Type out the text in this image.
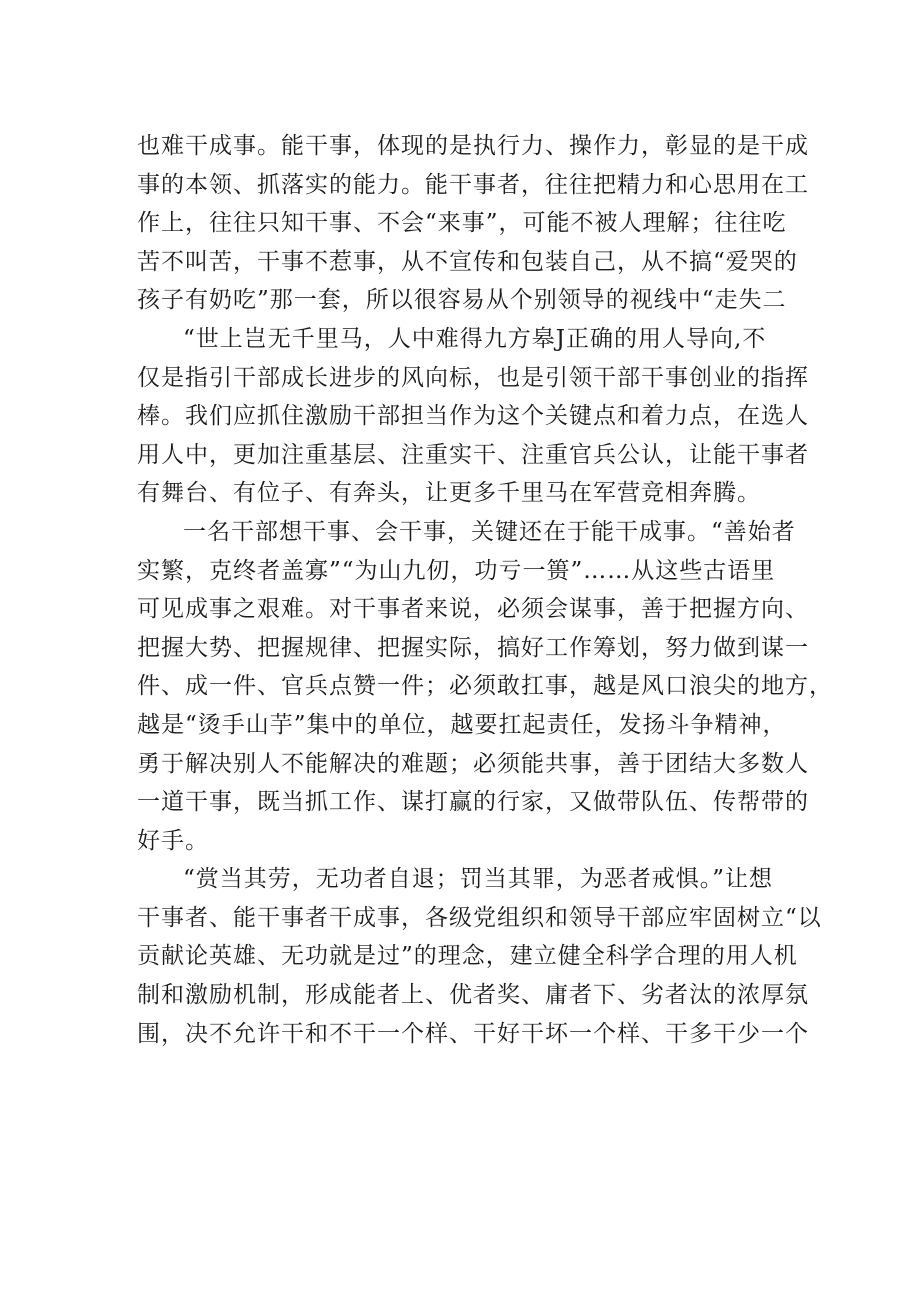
也难干成事。能干事，体现的是执行力、操作力，彰显的是干成
事的本领、抓落实的能力。能干事者，往往把精力和心思用在工
作上，往往只知干事、不会“来事”，可能不被人理解；往往吃
苦不叫苦，干事不惹事，从不宣传和包装自己，从不搞“爱哭的
孩子有奶吃”那一套，所以很容易从个别领导的视线中“走失二
“世上岂无千里马，人中难得九方皋J正确的用人导向,不
仅是指引干部成长进步的风向标，也是引领干部干事创业的指挥
棒。我们应抓住激励干部担当作为这个关键点和着力点，在选人
用人中，更加注重基层、注重实干、注重官兵公认，让能干事者
有舞台、有位子、有奔头，让更多千里马在军营竞相奔腾。
一名干部想干事、会干事，关键还在于能干成事。“善始者
实繁，克终者盖寡”“为山九仞，功亏一篑”……从这些古语里
可见成事之艰难。对干事者来说，必须会谋事，善于把握方向、
把握大势、把握规律、把握实际，搞好工作筹划，努力做到谋一
件、成一件、官兵点赞一件；必须敢扛事，越是风口浪尖的地方，
越是“烫手山芋”集中的单位，越要扛起责任，发扬斗争精神，
勇于解决别人不能解决的难题；必须能共事，善于团结大多数人
一道干事，既当抓工作、谋打赢的行家，又做带队伍、传帮带的
好手。
“赏当其劳，无功者自退；罚当其罪，为恶者戒惧。”让想
干事者、能干事者干成事，各级党组织和领导干部应牢固树立“以
贡献论英雄、无功就是过”的理念，建立健全科学合理的用人机
制和激励机制，形成能者上、优者奖、庸者下、劣者汰的浓厚氛
围，决不允许干和不干一个样、干好干坏一个样、干多干少一个
